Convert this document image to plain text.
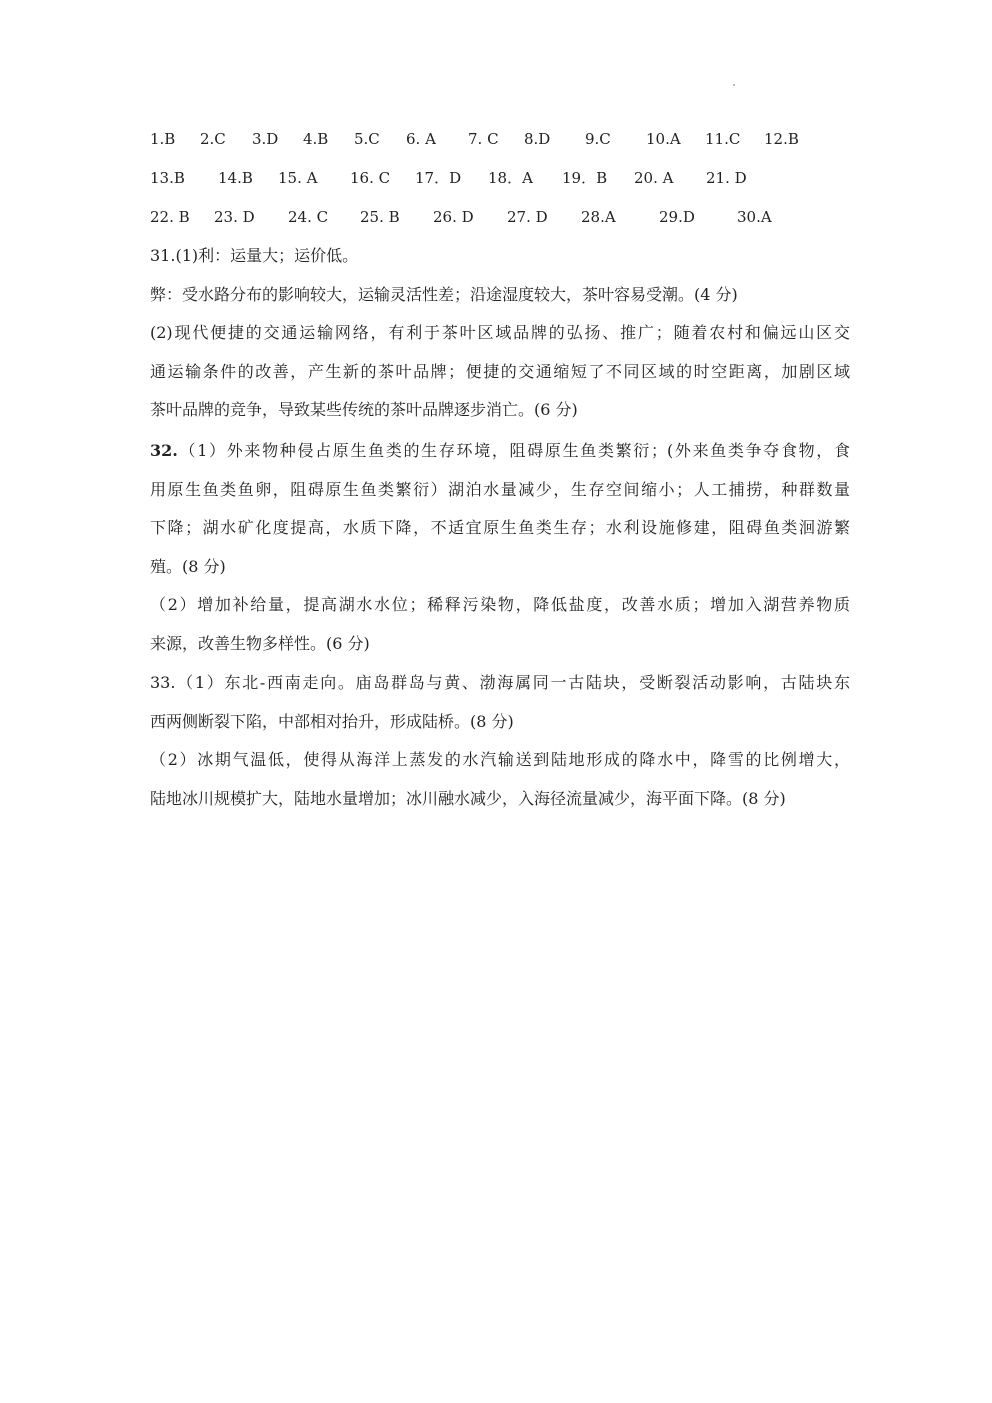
1.B 2.C 3.D 4.B 5.C 6. A 7. C 8.D 9.C 10.A 11.C 12.B
13.B 14.B 15. A 16. C 17．D 18．A 19．B 20. A 21. D
22. B 23. D 24. C 25. B 26. D 27. D 28.A	29.D	30.A
31.(1)利：运量大；运价低。
弊：受水路分布的影响较大，运输灵活性差；沿途湿度较大，茶叶容易受潮。(4 分)
(2)现代便捷的交通运输网络，有利于茶叶区域品牌的弘扬、推广；随着农村和偏远山区交
通运输条件的改善，产生新的茶叶品牌；便捷的交通缩短了不同区域的时空距离，加剧区域
茶叶品牌的竞争，导致某些传统的茶叶品牌逐步消亡。(6 分)
32.（1）外来物种侵占原生鱼类的生存环境，阻碍原生鱼类繁衍；(外来鱼类争夺食物，食
用原生鱼类鱼卵，阻碍原生鱼类繁衍）湖泊水量减少，生存空间缩小；人工捕捞，种群数量
下降；湖水矿化度提高，水质下降，不适宜原生鱼类生存；水利设施修建，阻碍鱼类洄游繁
殖。(8 分)
（2）增加补给量，提高湖水水位；稀释污染物，降低盐度，改善水质；增加入湖营养物质
来源，改善生物多样性。(6 分)
33.（1）东北-西南走向。庙岛群岛与黄、渤海属同一古陆块，受断裂活动影响，古陆块东
西两侧断裂下陷，中部相对抬升，形成陆桥。(8 分)
（2）冰期气温低，使得从海洋上蒸发的水汽输送到陆地形成的降水中，降雪的比例增大，
陆地冰川规模扩大，陆地水量增加；冰川融水减少，入海径流量减少，海平面下降。(8 分)
